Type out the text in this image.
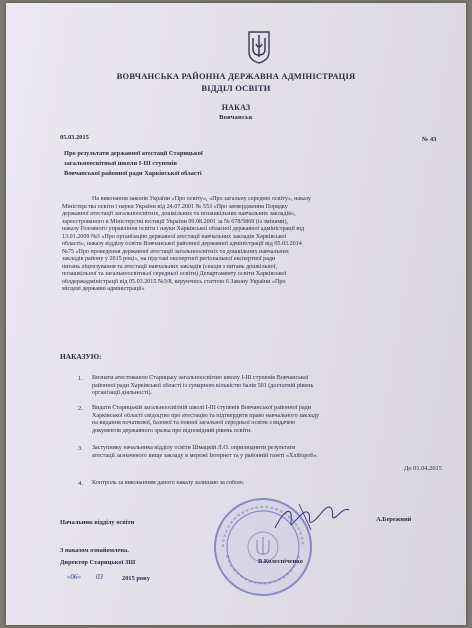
ВОВЧАНСЬКА РАЙОННА ДЕРЖАВНА АДМІНІСТРАЦІЯ
ВІДДІЛ ОСВІТИ
НАКАЗ
Вовчанськ
05.03.2015	№ 43
Про результати державної атестації Старицької
загальноосвітньої школи І-ІІІ ступенів
Вовчанської районної ради Харківської області
На виконання законів України «Про освіту», «Про загальну середню освіту», наказу
Міністерства освіти і науки України від 24.07.2001 № 553 «Про затвердження Порядку
державної атестації загальноосвітніх, дошкільних та позашкільних навчальних закладів»,
зареєстрованого в Міністерстві юстиції України 09.08.2001 за № 678/5869 (із змінами),
наказу Головного управління освіти і науки Харківської обласної державної адміністрації від
13.01.2009 №3 «Про організацію державної атестації навчальних закладів Харківської
області», наказу відділу освіти Вовчанської районної державної адміністрації від 05.03.2014
№75 «Про проведення державної атестації загальноосвітніх та дошкільних навчальних
закладів району у 2015 році», на підставі експертної регіональної експертної ради
питань ліцензування та атестації навчальних закладів (секція з питань дошкільної,
позашкільної та загальноосвітньої середньої освіти) Департаменту освіти Харківської
облдержадміністрації від 05.03.2015 №3/8, керуючись статтею 6 Закону України «Про
місцеві державні адміністрації»
НАКАЗУЮ:
1. Визнати атестованою Старицьку загальноосвітню школу І-ІІІ ступенів Вовчанської
районної ради Харківської області із сумарною кількістю балів 501 (достатній рівень
організації діяльності).
2. Видати Старицькій загальноосвітній школі І-ІІІ ступенів Вовчанської районної ради
Харківської області свідоцтво про атестацію та підтвердити право навчального закладу
на видання початкової, базової та повної загальної середньої освіти з видачею
документів державного зразка про відповідний рівень освіти.
3. Заступнику начальника відділу освіти Шмацкій Л.О. оприлюднити результати
атестації зазначеного вище закладу в мережі Інтернет та у районній газеті «Хлібороб».
До 01.04.2015
4. Контроль за виконанням даного наказу залишаю за собою.
Начальник відділу освіти	А.Бережний
З наказом ознайомлена.
Директор Старицької ЗШ	В.Колесніченко
«06» 03	2015 року
